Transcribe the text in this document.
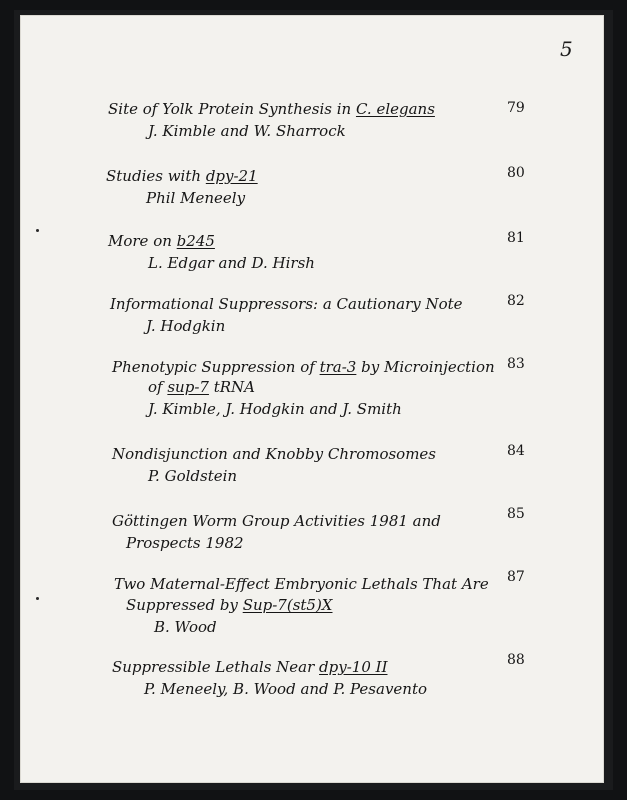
5
Site of Yolk Protein Synthesis in C. elegans
J. Kimble and W. Sharrock
79
Studies with dpy-21
Phil Meneely
80
More on b245
L. Edgar and D. Hirsh
81
Informational Suppressors: a Cautionary Note
J. Hodgkin
82
Phenotypic Suppression of tra-3 by Microinjection
of sup-7 tRNA
J. Kimble, J. Hodgkin and J. Smith
83
Nondisjunction and Knobby Chromosomes
P. Goldstein
84
Göttingen Worm Group Activities 1981 and
Prospects 1982
85
Two Maternal-Effect Embryonic Lethals That Are
Suppressed by Sup-7(st5)X
B. Wood
87
Suppressible Lethals Near dpy-10 II
P. Meneely, B. Wood and P. Pesavento
88
